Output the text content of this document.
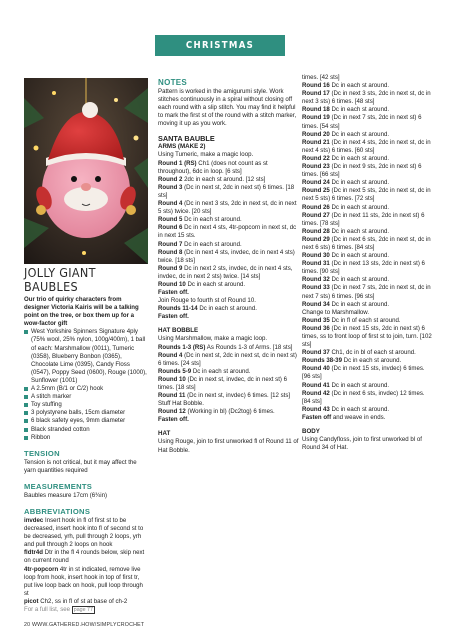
CHRISTMAS COLLECTION
JOLLY GIANT BAUBLES
Our trio of quirky characters from designer Victoria Kairis will be a talking point on the tree, or box them up for a wow-factor gift
West Yorkshire Spinners Signature 4ply (75% wool, 25% nylon, 100g/400m), 1 ball of each: Marshmallow (0011), Tumeric (0358), Blueberry Bonbon (0365), Chocolate Lime (0395), Candy Floss (0547), Poppy Seed (0600), Rouge (1000), Sunflower (1001)
A 2.5mm (B/1 or C/2) hook
A stitch marker
Toy stuffing
3 polystyrene balls, 15cm diameter
6 black safety eyes, 9mm diameter
Black stranded cotton
Ribbon
TENSION
Tension is not critical, but it may affect the yarn quantities required
MEASUREMENTS
Baubles measure 17cm (6¾in)
ABBREVIATIONS
invdec Insert hook in fl of first st to be decreased, insert hook into fl of second st to be decreased, yrh, pull through 2 loops, yrh and pull through 2 loops on hook
fldtr4d Dtr in the fl 4 rounds below, skip next on current round
4tr-popcorn 4tr in st indicated, remove live loop from hook, insert hook in top of first tr, put live loop back on hook, pull loop through st
picot Ch2, ss in fl of st at base of ch-2
For a full list, see page 77
NOTES
Pattern is worked in the amigurumi style. Work stitches continuously in a spiral without closing off each round with a slip stitch. You may find it helpful to mark the first st of the round with a stitch marker, moving it up as you work.
SANTA BAUBLE
ARMS (MAKE 2)
Using Tumeric, make a magic loop.
Round 1 (RS) Ch1 (does not count as st throughout), 6dc in loop. [6 sts]
Round 2 2dc in each st around. [12 sts]
Round 3 (Dc in next st, 2dc in next st) 6 times. [18 sts]
Round 4 (Dc in next 3 sts, 2dc in next st, dc in next 5 sts) twice. [20 sts]
Round 5 Dc in each st around.
Round 6 Dc in next 4 sts, 4tr-popcorn in next st, dc in next 15 sts.
Round 7 Dc in each st around.
Round 8 (Dc in next 4 sts, invdec, dc in next 4 sts) twice. [18 sts]
Round 9 Dc in next 2 sts, invdec, dc in next 4 sts, invdec, dc in next 2 sts) twice. [14 sts]
Round 10 Dc in each st around.
Fasten off.
Join Rouge to fourth st of Round 10.
Rounds 11-14 Dc in each st around.
Fasten off.
HAT BOBBLE
Using Marshmallow, make a magic loop.
Rounds 1-3 (RS) As Rounds 1-3 of Arms. [18 sts]
Round 4 (Dc in next st, 2dc in next st, dc in next st) 6 times. [24 sts]
Rounds 5-9 Dc in each st around.
Round 10 (Dc in next st, invdec, dc in next st) 6 times. [18 sts]
Round 11 (Dc in next st, invdec) 6 times. [12 sts]
Stuff Hat Bobble.
Round 12 (Working in bl) (Dc2tog) 6 times.
Fasten off.
HAT
Using Rouge, join to first unworked fl of Round 11 of Hat Bobble.
times. [42 sts]
Round 16 Dc in each st around.
Round 17 (Dc in next 3 sts, 2dc in next st, dc in next 3 sts) 6 times. [48 sts]
Round 18 Dc in each st around.
Round 19 (Dc in next 7 sts, 2dc in next st) 6 times. [54 sts]
Round 20 Dc in each st around.
Round 21 (Dc in next 4 sts, 2dc in next st, dc in next 4 sts) 6 times. [60 sts]
Round 22 Dc in each st around.
Round 23 (Dc in next 9 sts, 2dc in next st) 6 times. [66 sts]
Round 24 Dc in each st around.
Round 25 (Dc in next 5 sts, 2dc in next st, dc in next 5 sts) 6 times. [72 sts]
Round 26 Dc in each st around.
Round 27 (Dc in next 11 sts, 2dc in next st) 6 times. [78 sts]
Round 28 Dc in each st around.
Round 29 (Dc in next 6 sts, 2dc in next st, dc in next 6 sts) 6 times. [84 sts]
Round 30 Dc in each st around.
Round 31 (Dc in next 13 sts, 2dc in next st) 6 times. [90 sts]
Round 32 Dc in each st around.
Round 33 (Dc in next 7 sts, 2dc in next st, dc in next 7 sts) 6 times. [96 sts]
Round 34 Dc in each st around.
Change to Marshmallow.
Round 35 Dc in fl of each st around.
Round 36 (Dc in next 15 sts, 2dc in next st) 6 times, ss to front loop of first st to join, turn. [102 sts]
Round 37 Ch1, dc in bl of each st around.
Rounds 38-39 Dc in each st around.
Round 40 (Dc in next 15 sts, invdec) 6 times. [96 sts]
Round 41 Dc in each st around.
Round 42 (Dc in next 6 sts, invdec) 12 times. [84 sts]
Round 43 Dc in each st around.
Fasten off and weave in ends.
BODY
Using Candyfloss, join to first unworked bl of Round 34 of Hat.
20 WWW.GATHERED.HOW/SIMPLYCROCHET
